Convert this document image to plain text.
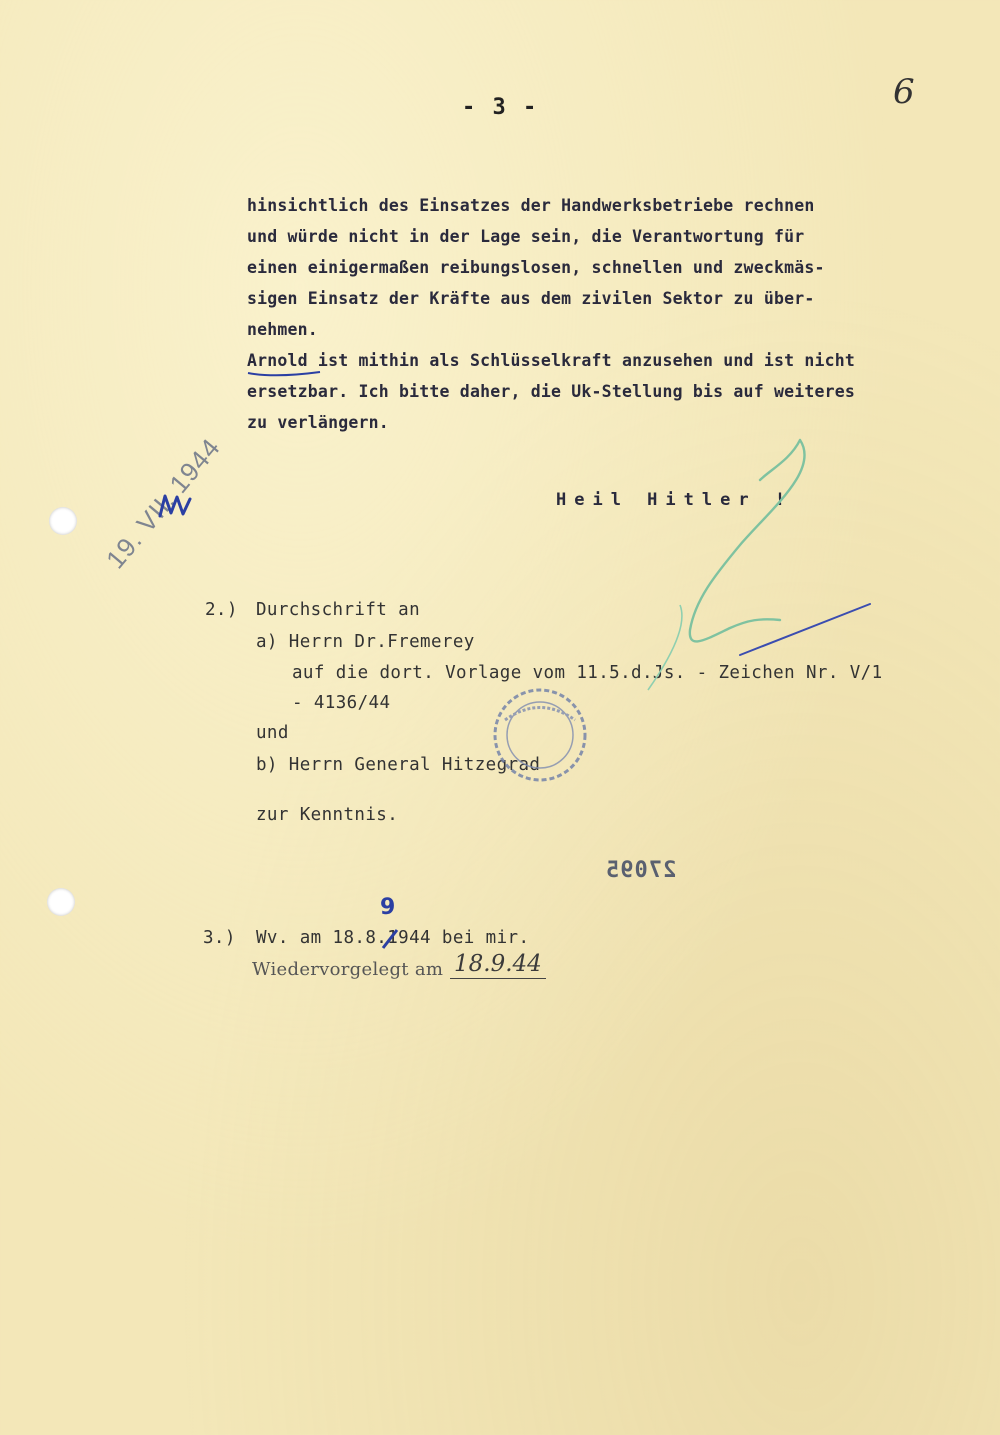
- 3 -	6
hinsichtlich des Einsatzes der Handwerksbetriebe rechnen
und würde nicht in der Lage sein, die Verantwortung für
einen einigermaßen reibungslosen, schnellen und zweckmäs-
sigen Einsatz der Kräfte aus dem zivilen Sektor zu über-
nehmen.
Arnold ist mithin als Schlüsselkraft anzusehen und ist nicht
ersetzbar. Ich bitte daher, die Uk-Stellung bis auf weiteres
zu verlängern.
Heil Hitler !
19. VII. 1944
2.) Durchschrift an
a) Herrn Dr.Fremerey
auf die dort. Vorlage vom 11.5.d.Js. - Zeichen Nr. V/1
- 4136/44
und
b) Herrn General Hitzegrad
zur Kenntnis.
27095
3.) Wv. am 18.8.1944 bei mir.
9
Wiedervorgelegt am 18.9.44
